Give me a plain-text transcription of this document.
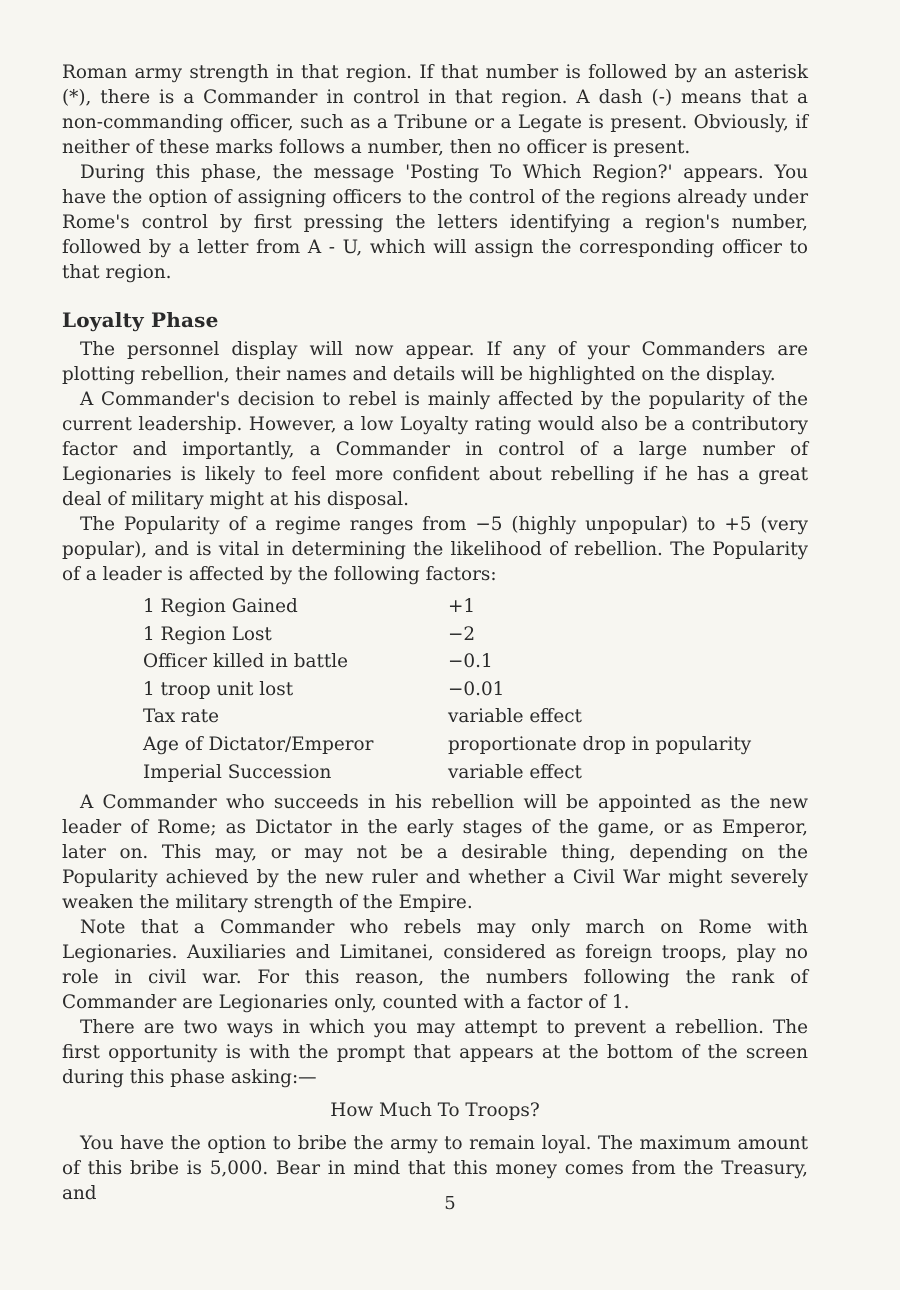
Roman army strength in that region. If that number is followed by an asterisk (*), there is a Commander in control in that region. A dash (-) means that a non-commanding officer, such as a Tribune or a Legate is present. Obviously, if neither of these marks follows a number, then no officer is present.

During this phase, the message 'Posting To Which Region?' appears. You have the option of assigning officers to the control of the regions already under Rome's control by first pressing the letters identifying a region's number, followed by a letter from A - U, which will assign the corresponding officer to that region.

Loyalty Phase

The personnel display will now appear. If any of your Commanders are plotting rebellion, their names and details will be highlighted on the display.

A Commander's decision to rebel is mainly affected by the popularity of the current leadership. However, a low Loyalty rating would also be a contributory factor and importantly, a Commander in control of a large number of Legionaries is likely to feel more confident about rebelling if he has a great deal of military might at his disposal.

The Popularity of a regime ranges from −5 (highly unpopular) to +5 (very popular), and is vital in determining the likelihood of rebellion. The Popularity of a leader is affected by the following factors:

1 Region Gained	+1
1 Region Lost	−2
Officer killed in battle	−0.1
1 troop unit lost	−0.01
Tax rate	variable effect
Age of Dictator/Emperor	proportionate drop in popularity
Imperial Succession	variable effect

A Commander who succeeds in his rebellion will be appointed as the new leader of Rome; as Dictator in the early stages of the game, or as Emperor, later on. This may, or may not be a desirable thing, depending on the Popularity achieved by the new ruler and whether a Civil War might severely weaken the military strength of the Empire.

Note that a Commander who rebels may only march on Rome with Legionaries. Auxiliaries and Limitanei, considered as foreign troops, play no role in civil war. For this reason, the numbers following the rank of Commander are Legionaries only, counted with a factor of 1.

There are two ways in which you may attempt to prevent a rebellion. The first opportunity is with the prompt that appears at the bottom of the screen during this phase asking:—

How Much To Troops?

You have the option to bribe the army to remain loyal. The maximum amount of this bribe is 5,000. Bear in mind that this money comes from the Treasury, and	5
